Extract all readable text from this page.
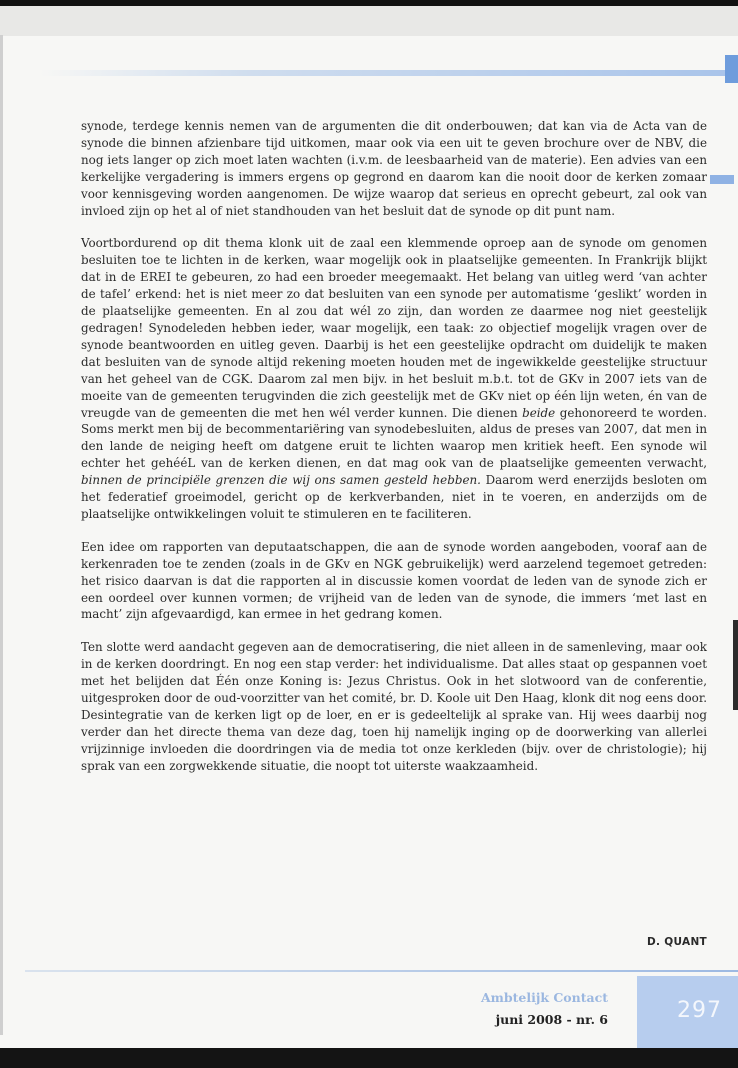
synode, terdege kennis nemen van de argumenten die dit onderbouwen; dat kan via de Acta van de synode die binnen afzienbare tijd uitkomen, maar ook via een uit te geven brochure over de NBV, die nog iets langer op zich moet laten wachten (i.v.m. de leesbaarheid van de materie). Een advies van een kerkelijke vergadering is immers ergens op gegrond en daarom kan die nooit door de kerken zomaar voor kennisgeving worden aangenomen. De wijze waarop dat serieus en oprecht gebeurt, zal ook van invloed zijn op het al of niet standhouden van het besluit dat de synode op dit punt nam.

Voortbordurend op dit thema klonk uit de zaal een klemmende oproep aan de synode om genomen besluiten toe te lichten in de kerken, waar mogelijk ook in plaatselijke gemeenten. In Frankrijk blijkt dat in de EREI te gebeuren, zo had een broeder meegemaakt. Het belang van uitleg werd ‘van achter de tafel’ erkend: het is niet meer zo dat besluiten van een synode per automatisme ‘geslikt’ worden in de plaatselijke gemeenten. En al zou dat wél zo zijn, dan worden ze daarmee nog niet geestelijk gedragen! Synodeleden hebben ieder, waar mogelijk, een taak: zo objectief mogelijk vragen over de synode beantwoorden en uitleg geven. Daarbij is het een geestelijke opdracht om duidelijk te maken dat besluiten van de synode altijd rekening moeten houden met de ingewikkelde geestelijke structuur van het geheel van de CGK. Daarom zal men bijv. in het besluit m.b.t. tot de GKv in 2007 iets van de moeite van de gemeenten terugvinden die zich geestelijk met de GKv niet op één lijn weten, én van de vreugde van de gemeenten die met hen wél verder kunnen. Die dienen beide gehonoreerd te worden. Soms merkt men bij de becommentariëring van synodebesluiten, aldus de preses van 2007, dat men in den lande de neiging heeft om datgene eruit te lichten waarop men kritiek heeft. Een synode wil echter het gehééL van de kerken dienen, en dat mag ook van de plaatselijke gemeenten verwacht, binnen de principiële grenzen die wij ons samen gesteld hebben. Daarom werd enerzijds besloten om het federatief groeimodel, gericht op de kerkverbanden, niet in te voeren, en anderzijds om de plaatselijke ontwikkelingen voluit te stimuleren en te faciliteren.

Een idee om rapporten van deputaatschappen, die aan de synode worden aangeboden, vooraf aan de kerkenraden toe te zenden (zoals in de GKv en NGK gebruikelijk) werd aarzelend tegemoet getreden: het risico daarvan is dat die rapporten al in discussie komen voordat de leden van de synode zich er een oordeel over kunnen vormen; de vrijheid van de leden van de synode, die immers ‘met last en macht’ zijn afgevaardigd, kan ermee in het gedrang komen.

Ten slotte werd aandacht gegeven aan de democratisering, die niet alleen in de samenleving, maar ook in de kerken doordringt. En nog een stap verder: het individualisme. Dat alles staat op gespannen voet met het belijden dat Één onze Koning is: Jezus Christus. Ook in het slotwoord van de conferentie, uitgesproken door de oud-voorzitter van het comité, br. D. Koole uit Den Haag, klonk dit nog eens door. Desintegratie van de kerken ligt op de loer, en er is gedeeltelijk al sprake van. Hij wees daarbij nog verder dan het directe thema van deze dag, toen hij namelijk inging op de doorwerking van allerlei vrijzinnige invloeden die doordringen via de media tot onze kerkleden (bijv. over de christologie); hij sprak van een zorgwekkende situatie, die noopt tot uiterste waakzaamheid.

D. QUANT
Ambtelijk Contact
juni 2008 - nr. 6	297
